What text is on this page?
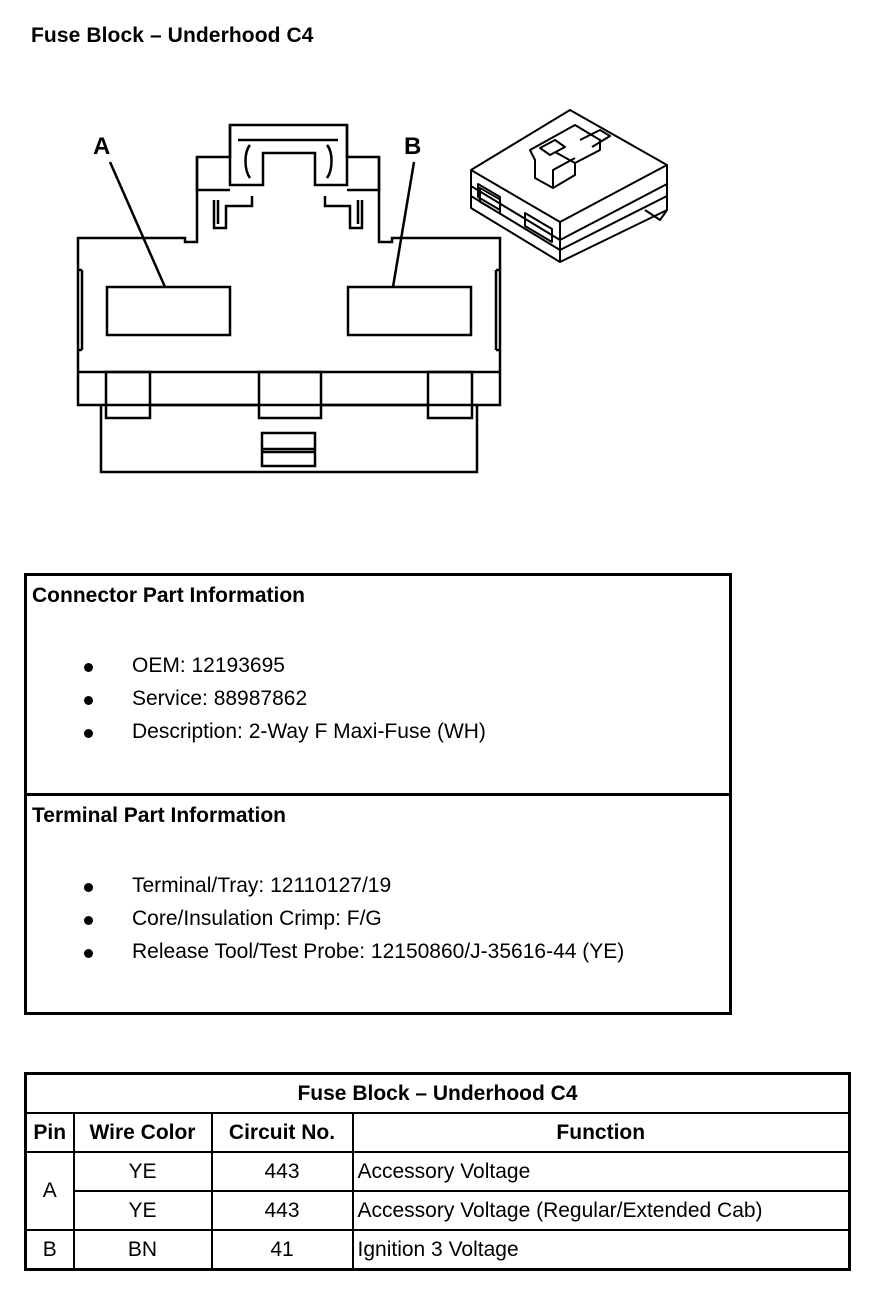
Fuse Block – Underhood C4
A	B
Connector Part Information
OEM: 12193695
Service: 88987862
Description: 2-Way F Maxi-Fuse (WH)
Terminal Part Information
Terminal/Tray: 12110127/19
Core/Insulation Crimp: F/G
Release Tool/Test Probe: 12150860/J-35616-44 (YE)
Fuse Block – Underhood C4			
Pin	Wire Color	Circuit No.	Function
A	YE	443	Accessory Voltage
	YE	443	Accessory Voltage (Regular/Extended Cab)
B	BN	41	Ignition 3 Voltage
